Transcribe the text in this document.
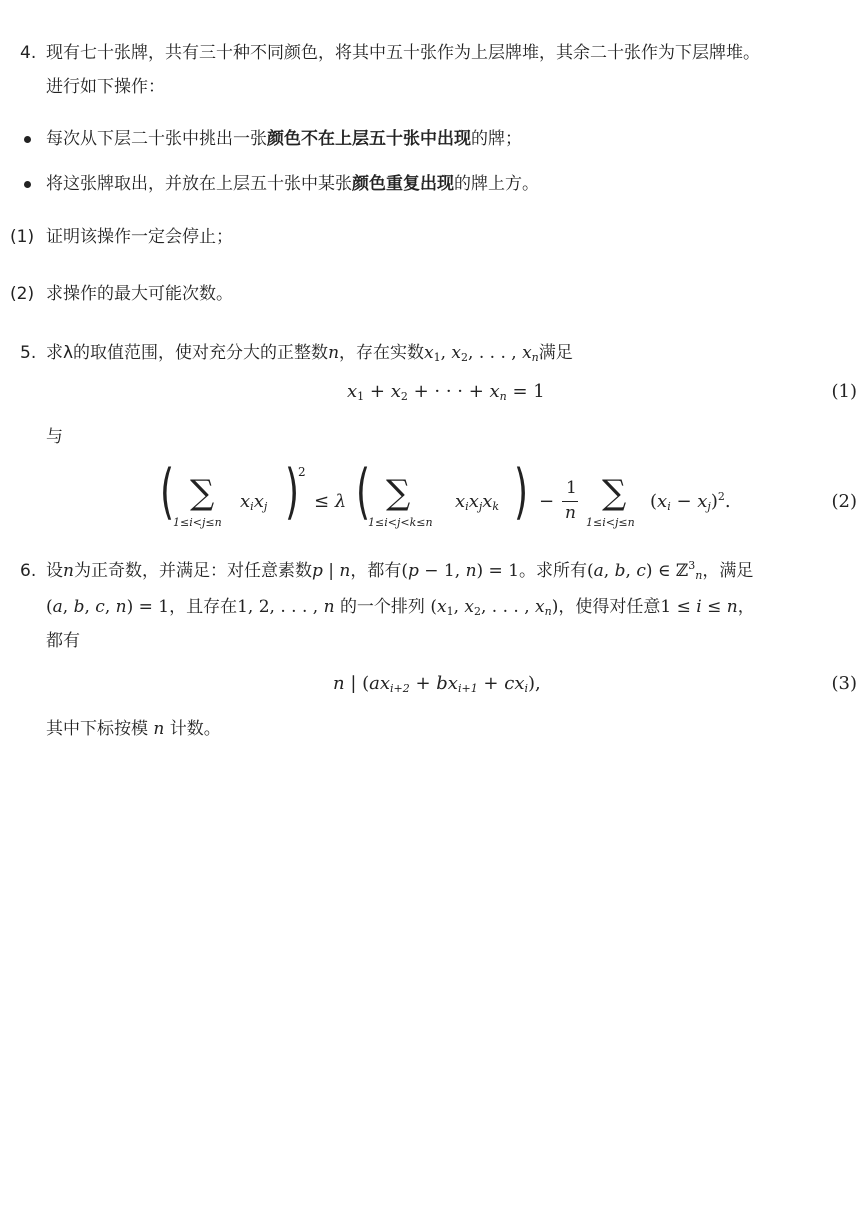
4. 现有七十张牌，共有三十种不同颜色，将其中五十张作为上层牌堆，其余二十张作为下层牌堆。
进行如下操作：
每次从下层二十张中挑出一张颜色不在上层五十张中出现的牌；
将这张牌取出，并放在上层五十张中某张颜色重复出现的牌上方。
(1) 证明该操作一定会停止；
(2) 求操作的最大可能次数。
5. 求λ的取值范围，使对充分大的正整数n，存在实数$x_1$, $x_2$, . . . , $x_n$满足
$x_1 + x_2$ + · · · + $x_n = 1$	(1)
与
( ∑
1≤i<j≤n
$x_ix_j$ )
2
≤ λ ( ∑
1≤i<j<k≤n
$x_ix_jx_k$ ) −
1
n ∑
1≤i<j≤n
$(x_i - x_j)^2$.	(2)
6. 设n为正奇数，并满足：对任意素数p | n，都有(p − 1, n) = 1。求所有(a, b, c) ∈ ℤ$^3_n$，满足
(a, b, c, n) = 1，且存在1, 2, . . . , n 的一个排列 ($x_1$, $x_2$, . . . , $x_n$)，使得对任意1 ≤ i ≤ n，
都有
n | $(ax_{i+2} + bx_{i+1} + cx_i)$,	(3)
其中下标按模 n 计数。
